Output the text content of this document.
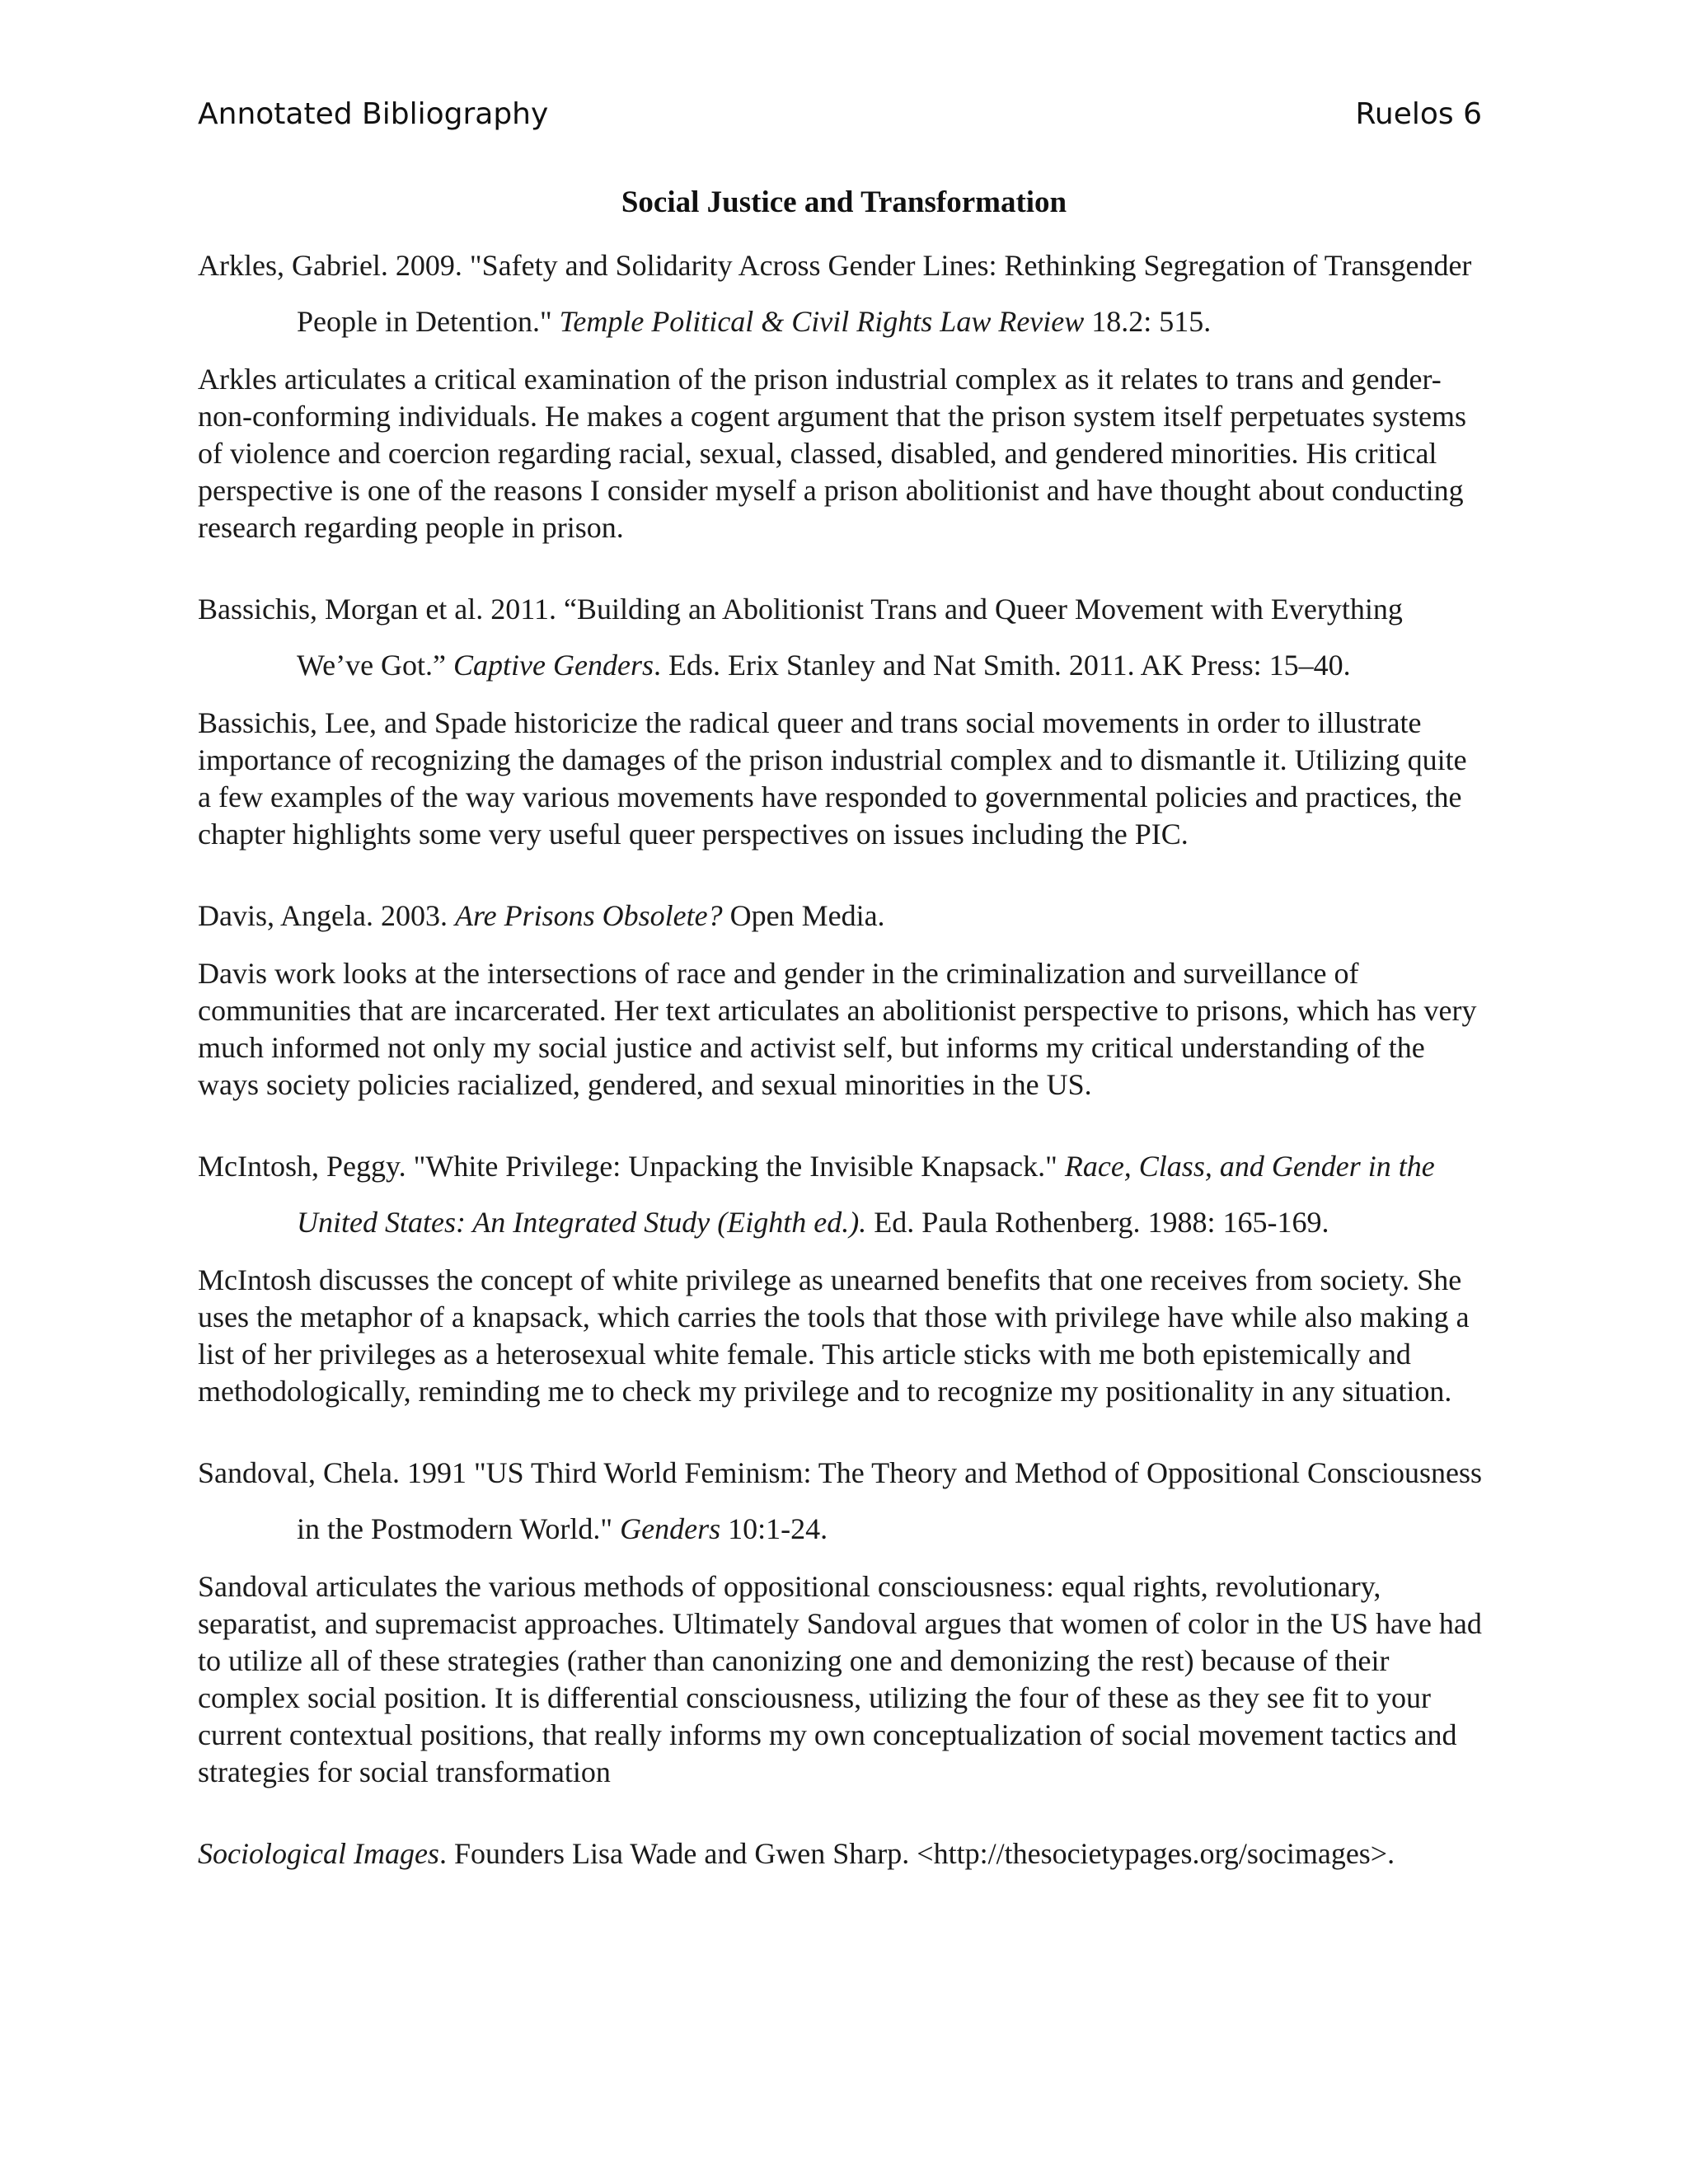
Annotated Bibliography	Ruelos 6
Social Justice and Transformation

Arkles, Gabriel. 2009. "Safety and Solidarity Across Gender Lines: Rethinking Segregation of Transgender People in Detention." Temple Political & Civil Rights Law Review 18.2: 515.

Arkles articulates a critical examination of the prison industrial complex as it relates to trans and gender-non-conforming individuals. He makes a cogent argument that the prison system itself perpetuates systems of violence and coercion regarding racial, sexual, classed, disabled, and gendered minorities. His critical perspective is one of the reasons I consider myself a prison abolitionist and have thought about conducting research regarding people in prison.

Bassichis, Morgan et al. 2011. “Building an Abolitionist Trans and Queer Movement with Everything We’ve Got.” Captive Genders. Eds. Erix Stanley and Nat Smith. 2011. AK Press: 15–40.

Bassichis, Lee, and Spade historicize the radical queer and trans social movements in order to illustrate importance of recognizing the damages of the prison industrial complex and to dismantle it. Utilizing quite a few examples of the way various movements have responded to governmental policies and practices, the chapter highlights some very useful queer perspectives on issues including the PIC.

Davis, Angela. 2003. Are Prisons Obsolete? Open Media.

Davis work looks at the intersections of race and gender in the criminalization and surveillance of communities that are incarcerated. Her text articulates an abolitionist perspective to prisons, which has very much informed not only my social justice and activist self, but informs my critical understanding of the ways society policies racialized, gendered, and sexual minorities in the US.

McIntosh, Peggy. "White Privilege: Unpacking the Invisible Knapsack." Race, Class, and Gender in the United States: An Integrated Study (Eighth ed.). Ed. Paula Rothenberg. 1988: 165-169.

McIntosh discusses the concept of white privilege as unearned benefits that one receives from society. She uses the metaphor of a knapsack, which carries the tools that those with privilege have while also making a list of her privileges as a heterosexual white female. This article sticks with me both epistemically and methodologically, reminding me to check my privilege and to recognize my positionality in any situation.

Sandoval, Chela. 1991 "US Third World Feminism: The Theory and Method of Oppositional Consciousness in the Postmodern World." Genders 10:1-24.

Sandoval articulates the various methods of oppositional consciousness: equal rights, revolutionary, separatist, and supremacist approaches. Ultimately Sandoval argues that women of color in the US have had to utilize all of these strategies (rather than canonizing one and demonizing the rest) because of their complex social position. It is differential consciousness, utilizing the four of these as they see fit to your current contextual positions, that really informs my own conceptualization of social movement tactics and strategies for social transformation

Sociological Images. Founders Lisa Wade and Gwen Sharp. <http://thesocietypages.org/socimages>.
